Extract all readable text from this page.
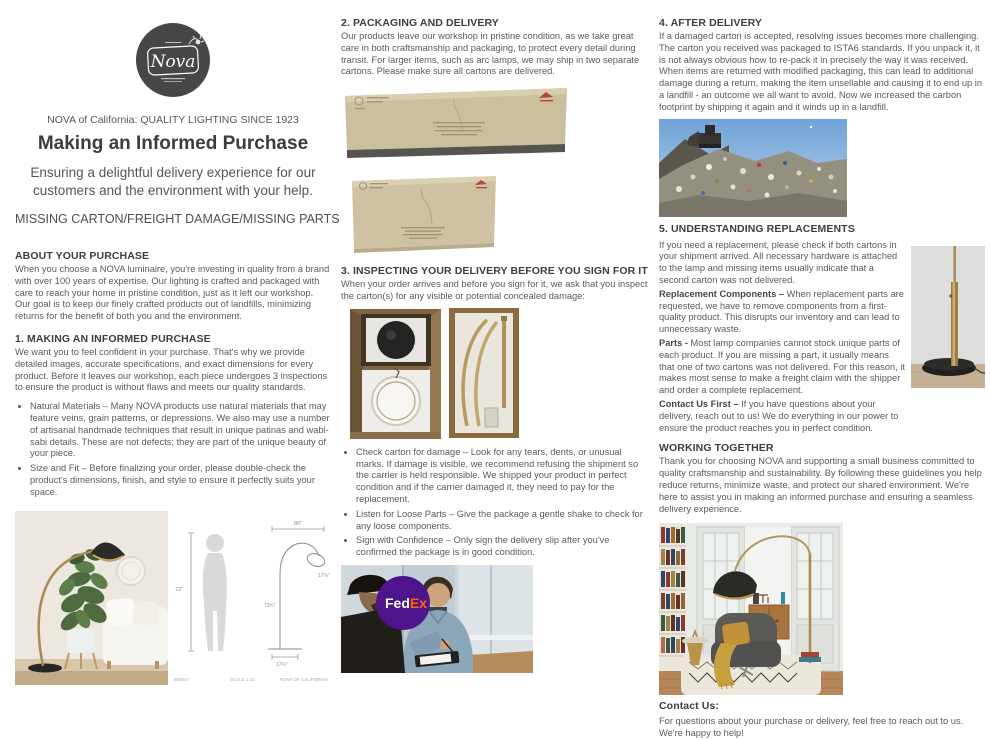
Nova
NOVA of California: QUALITY LIGHTING SINCE 1923
Making an Informed Purchase
Ensuring a delightful delivery experience for our customers and the environment with your help.
MISSING CARTON/FREIGHT DAMAGE/MISSING PARTS
ABOUT YOUR PURCHASE

When you choose a NOVA luminaire, you're investing in quality from a brand with over 100 years of expertise. Our lighting is crafted and packaged with care to reach your home in pristine condition, just as it left our workshop. Our goal is to keep our finely crafted products out of landfills, minimizing returns for the benefit of both you and the environment.

1. MAKING AN INFORMED PURCHASE

We want you to feel confident in your purchase. That's why we provide detailed images, accurate specifications, and exact dimensions for every product. Before it leaves our workshop, each piece undergoes 3 inspections to ensure the product is without flaws and meets our quality standards.

• Natural Materials – Many NOVA products use natural materials that may feature veins, grain patterns, or depressions. We also may use a number of artisanal handmade techniques that result in unique patinas and wabi-sabi details. These are not defects; they are part of the unique beauty of your piece.
• Size and Fit – Before finalizing your order, please double-check the product's dimensions, finish, and style to ensure it perfectly suits your space.
72"
80"
17⅞"
73¾"
17¼"
858647	SCALE 1:20	NOVA OF CALIFORNIA
2. PACKAGING AND DELIVERY

Our products leave our workshop in pristine condition, as we take great care in both craftsmanship and packaging, to protect every detail during transit. For larger items, such as arc lamps, we may ship in two separate cartons. Please make sure all cartons are delivered.

3. INSPECTING YOUR DELIVERY BEFORE YOU SIGN FOR IT

When your order arrives and before you sign for it, we ask that you inspect the carton(s) for any visible or potential concealed damage:

• Check carton for damage – Look for any tears, dents, or unusual marks. If damage is visible, we recommend refusing the shipment so the carrier is held responsible. We shipped your product in perfect condition and if the carrier damaged it, they need to pay for the replacement.
• Listen for Loose Parts – Give the package a gentle shake to check for any loose components.
• Sign with Confidence – Only sign the delivery slip after you've confirmed the package is in good condition.
FedEx
4. AFTER DELIVERY

If a damaged carton is accepted, resolving issues becomes more challenging. The carton you received was packaged to ISTA6 standards. If you unpack it, it is not always obvious how to re-pack it in precisely the way it was received. When items are returned with modified packaging, this can lead to additional damage during a return, making the item unsellable and causing it to end up in a landfill - an outcome we all want to avoid. Now we increased the carbon footprint by shipping it again and it winds up in a landfill.

5. UNDERSTANDING REPLACEMENTS

If you need a replacement, please check if both cartons in your shipment arrived. All necessary hardware is attached to the lamp and missing items usually indicate that a second carton was not delivered.

Replacement Components – When replacement parts are requested, we have to remove components from a first-quality product. This disrupts our inventory and can lead to unnecessary waste.

Parts - Most lamp companies cannot stock unique parts of each product. If you are missing a part, it usually means that one of two cartons was not delivered. For this reason, it makes most sense to make a freight claim with the shipper and order a complete replacement.

Contact Us First – If you have questions about your delivery, reach out to us! We do everything in our power to ensure the product reaches you in perfect condition.

WORKING TOGETHER

Thank you for choosing NOVA and supporting a small business committed to quality craftsmanship and sustainability. By following these guidelines you help reduce returns, minimize waste, and protect our shared environment. We're here to assist you in making an informed purchase and ensuring a seamless delivery experience.

Contact Us:

For questions about your purchase or delivery, feel free to reach out to us. We're happy to help!
